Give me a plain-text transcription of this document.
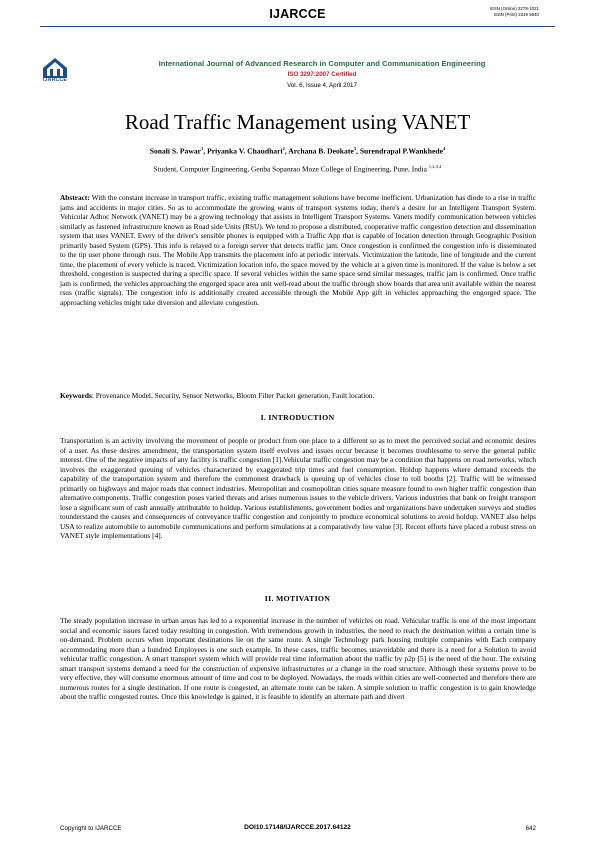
IJARCCE	ISSN (Online) 2278-1021
ISSN (Print) 2319 5940
IJARCCE
International Journal of Advanced Research in Computer and Communication Engineering
ISO 3297:2007 Certified
Vol. 6, Issue 4, April 2017
Road Traffic Management using VANET
Sonali S. Pawar$^1$, Priyanka V. Chaudhari$^2$, Archana B. Deokate$^3$, Surendrapal P.Wankhede$^4$
Student, Computer Engineering, Genba Sopanrao Moze College of Engineering, Pune, India $^{1,2,3,4}$
Abstract: With the constant increase in transport traffic, existing traffic management solutions have become inefficient. Urbanization has diode to a rise in traffic jams and accidents in major cities. So as to accommodate the growing wants of transport systems today, there's a desire for an Intelligent Transport System. Vehicular Adhoc Network (VANET) may be a growing technology that assists in Intelligent Transport Systems. Vanets modify communication between vehicles similarly as fastened infrastructure known as Road side Units (RSU). We tend to propose a distributed, cooperative traffic congestion detection and dissemination system that uses VANET. Every of the driver's sensible phones is equipped with a Traffic App that is capable of location detection through Geographic Position primarily based System (GPS). This info is relayed to a foreign server that detects traffic jam. Once congestion is confirmed the congestion info is disseminated to the tip user phone through rsus. The Mobile App transmits the placement info at periodic intervals. Victimization the latitude, line of longitude and the current time, the placement of every vehicle is traced. Victimization location info, the space moved by the vehicle at a given time is monitored. If the value is below a set threshold, congestion is suspected during a specific space. If several vehicles within the same space send similar messages, traffic jam is confirmed. Once traffic jam is confirmed, the vehicles approaching the engorged space area unit well-read about the traffic through show boards that area unit available within the nearest rsus (traffic signals). The congestion info is additionally created accessible through the Mobile App gift in vehicles approaching the engorged space. The approaching vehicles might take diversion and alleviate congestion.
Keywords: Provenance Model, Security, Sensor Networks, Bloom Filter Packet generation, Fault location.
I. INTRODUCTION
Transportation is an activity involving the movement of people or product from one place to a different so as to meet the perceived social and economic desires of a user. As these desires amendment, the transportation system itself evolves and issues occur because it becomes troublesome to serve the general public interest. One of the negative impacts of any facility is traffic congestion [1].Vehicular traffic congestion may be a condition that happens on road networks, which involves the exaggerated queuing of vehicles characterized by exaggerated trip times and fuel consumption. Holdup happens where demand exceeds the capability of the transportation system and therefore the commonest drawback is queuing up of vehicles close to toll booths [2]. Traffic will be witnessed primarily on highways and major roads that connect industries. Metropolitan and cosmopolitan cities square measure found to own higher traffic congestion than alternative components. Traffic congestion poses varied threats and arises numerous issues to the vehicle drivers. Various industries that bank on freight transport lose a significant sum of cash annually attributable to holdup. Various establishments, government bodies and organizations have undertaken surveys and studies tounderstand the causes and consequences of conveyance traffic congestion and conjointly to produce economical solutions to avoid holdup. VANET also helps USA to realize automobile to automobile communications and perform simulations at a comparatively low value [3]. Recent efforts have placed a robust stress on VANET style implementations [4].
II. MOTIVATION
The steady population increase in urban areas has led to a exponential increase in the number of vehicles on road. Vehicular traffic is one of the most important social and economic issues faced today resulting in congestion. With tremendous growth in industries, the need to reach the destination within a certain time is on-demand. Problem occurs when important destinations lie on the same route. A single Technology park housing multiple companies with Each company accommodating more than a hundred Employees is one such example. In these cases, traffic becomes unavoidable and there is a need for a Solution to avoid vehicular traffic congestion. A smart transport system which will provide real time information about the traffic by p2p [5] is the need of the hour. The existing smart transport systems demand a need for the construction of expensive infrastructures or a change in the road structure. Although these systems prove to be very effective, they will consume enormous amount of time and cost to be deployed. Nowadays, the roads within cities are well-connected and therefore there are numerous routes for a single destination. If one route is congested, an alternate route can be taken. A simple solution to traffic congestion is to gain knowledge about the traffic congested routes. Once this knowledge is gained, it is feasible to identify an alternate path and divert
Copyright to IJARCCE	DOI10.17148/IJARCCE.2017.64122	642
